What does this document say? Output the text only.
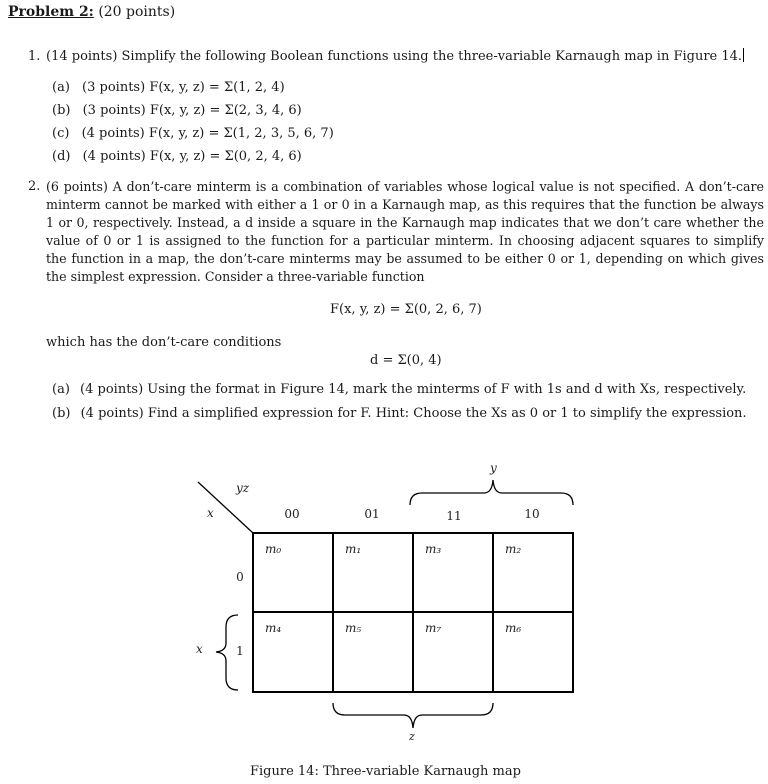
Problem 2: (20 points)
1. (14 points) Simplify the following Boolean functions using the three-variable Karnaugh map in Figure 14.
(a) (3 points) F(x, y, z) = Σ(1, 2, 4)
(b) (3 points) F(x, y, z) = Σ(2, 3, 4, 6)
(c) (4 points) F(x, y, z) = Σ(1, 2, 3, 5, 6, 7)
(d) (4 points) F(x, y, z) = Σ(0, 2, 4, 6)
2. (6 points) A don’t-care minterm is a combination of variables whose logical value is not specified. A don’t-care
minterm cannot be marked with either a 1 or 0 in a Karnaugh map, as this requires that the function be always
1 or 0, respectively. Instead, a d inside a square in the Karnaugh map indicates that we don’t care whether the
value of 0 or 1 is assigned to the function for a particular minterm. In choosing adjacent squares to simplify
the function in a map, the don’t-care minterms may be assumed to be either 0 or 1, depending on which gives
the simplest expression. Consider a three-variable function
F(x, y, z) = Σ(0, 2, 6, 7)
which has the don’t-care conditions
d = Σ(0, 4)
(a) (4 points) Using the format in Figure 14, mark the minterms of F with 1s and d with Xs, respectively.
(b) (4 points) Find a simplified expression for F. Hint: Choose the Xs as 0 or 1 to simplify the expression.
yz
x	00	01	11	10
0
1
y
x
z
m₀	m₁	m₃	m₂
m₄	m₅	m₇	m₆
Figure 14: Three-variable Karnaugh map
